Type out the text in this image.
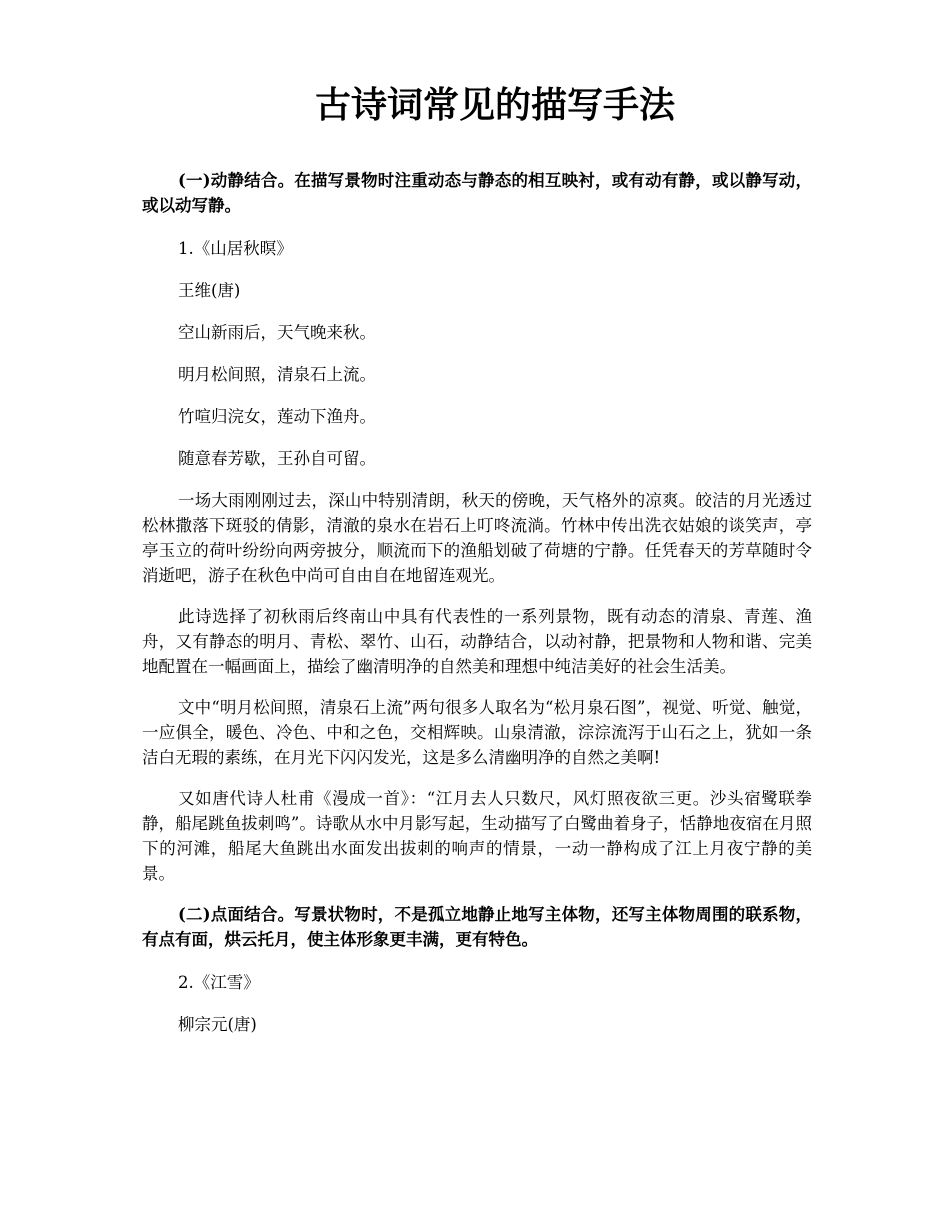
古诗词常见的描写手法

(一)动静结合。在描写景物时注重动态与静态的相互映衬，或有动有静，或以静写动，或以动写静。

1.《山居秋暝》

王维(唐)

空山新雨后，天气晚来秋。

明月松间照，清泉石上流。

竹喧归浣女，莲动下渔舟。

随意春芳歇，王孙自可留。

一场大雨刚刚过去，深山中特别清朗，秋天的傍晚，天气格外的凉爽。皎洁的月光透过松林撒落下斑驳的倩影，清澈的泉水在岩石上叮咚流淌。竹林中传出洗衣姑娘的谈笑声，亭亭玉立的荷叶纷纷向两旁披分，顺流而下的渔船划破了荷塘的宁静。任凭春天的芳草随时令消逝吧，游子在秋色中尚可自由自在地留连观光。

此诗选择了初秋雨后终南山中具有代表性的一系列景物，既有动态的清泉、青莲、渔舟，又有静态的明月、青松、翠竹、山石，动静结合，以动衬静，把景物和人物和谐、完美地配置在一幅画面上，描绘了幽清明净的自然美和理想中纯洁美好的社会生活美。

文中“明月松间照，清泉石上流”两句很多人取名为“松月泉石图”，视觉、听觉、触觉，一应俱全，暖色、冷色、中和之色，交相辉映。山泉清澈，淙淙流泻于山石之上，犹如一条洁白无瑕的素练，在月光下闪闪发光，这是多么清幽明净的自然之美啊!

又如唐代诗人杜甫《漫成一首》：“江月去人只数尺，风灯照夜欲三更。沙头宿鹭联拳静，船尾跳鱼拔刺鸣”。诗歌从水中月影写起，生动描写了白鹭曲着身子，恬静地夜宿在月照下的河滩，船尾大鱼跳出水面发出拔刺的响声的情景，一动一静构成了江上月夜宁静的美景。

(二)点面结合。写景状物时，不是孤立地静止地写主体物，还写主体物周围的联系物，有点有面，烘云托月，使主体形象更丰满，更有特色。

2.《江雪》

柳宗元(唐)
